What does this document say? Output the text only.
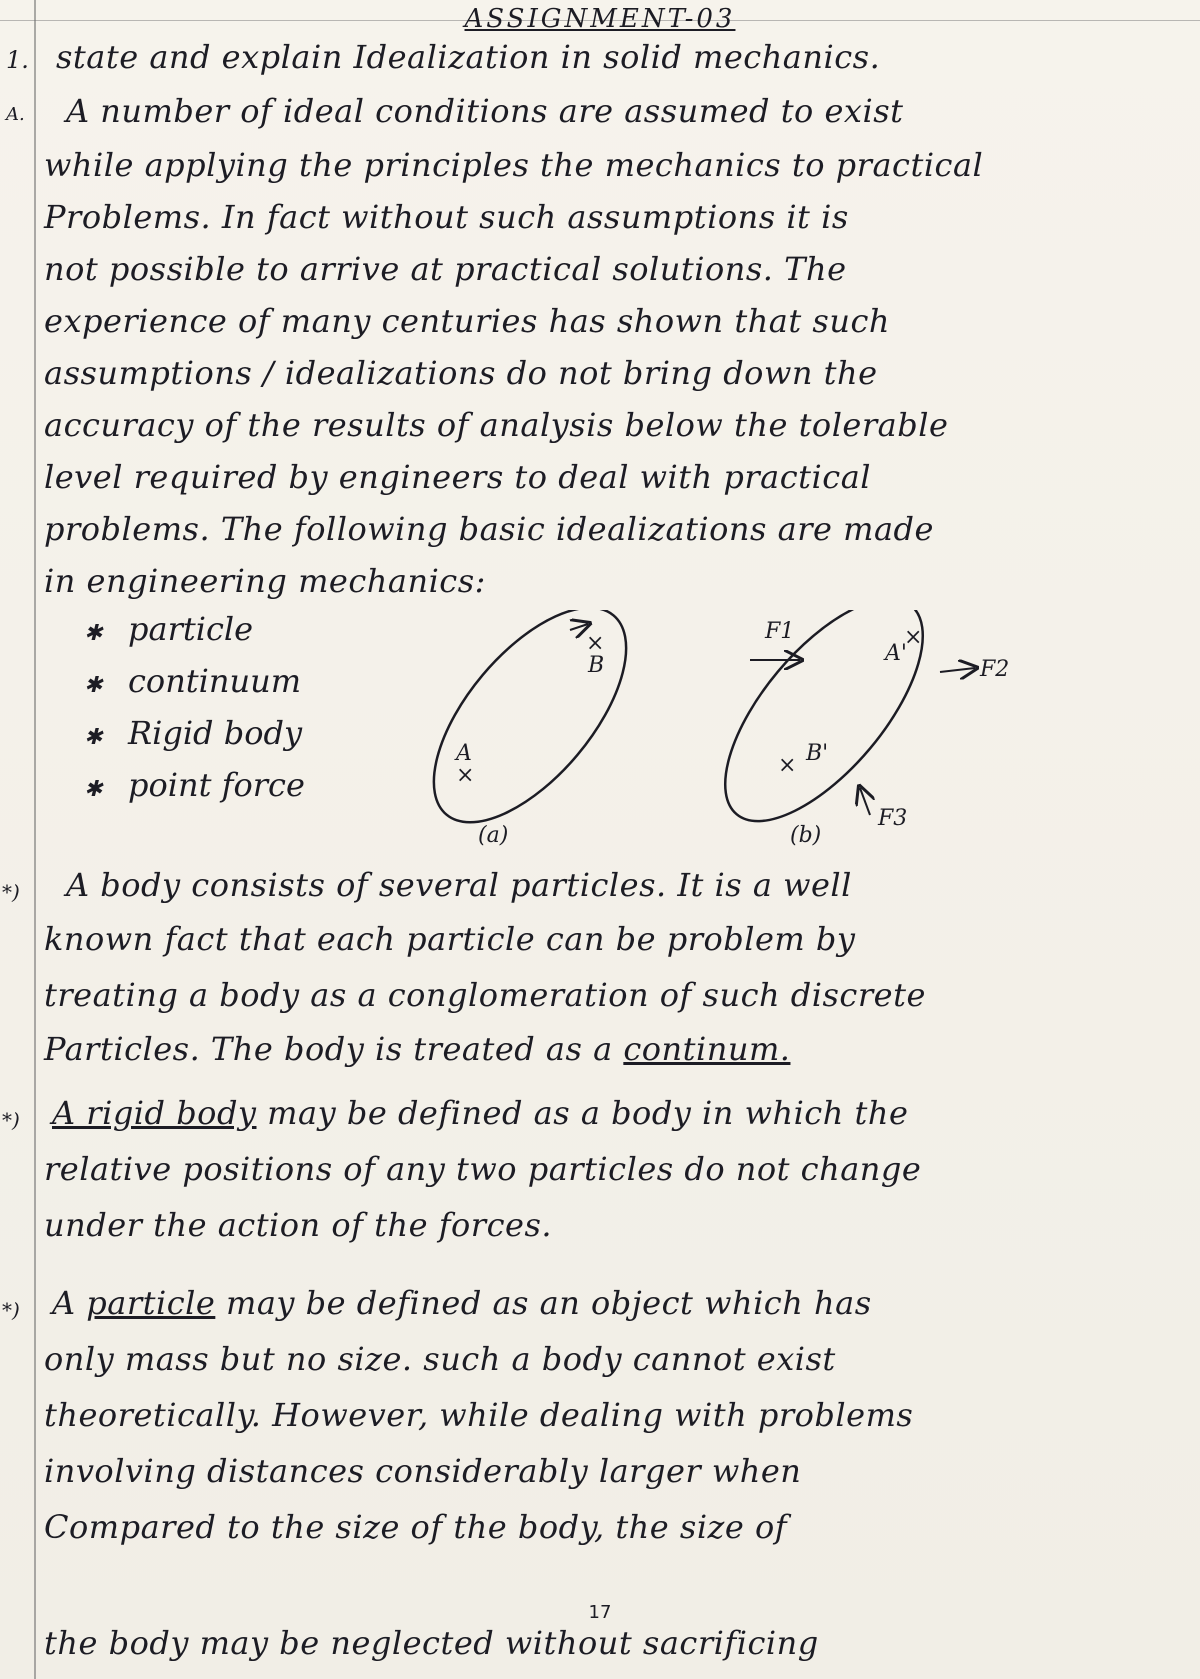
ASSIGNMENT-03
1. state and explain Idealization in solid mechanics.
A. A number of ideal conditions are assumed to exist
while applying the principles the mechanics to practical
Problems. In fact without such assumptions it is
not possible to arrive at practical solutions. The
experience of many centuries has shown that such
assumptions / idealizations do not bring down the
accuracy of the results of analysis below the tolerable
level required by engineers to deal with practical
problems. The following basic idealizations are made
in engineering mechanics:
✱ particle
✱ continuum
✱ Rigid body
✱ point force
B
×
A
×
(a)
F1
F2
F3
A'
×
B'
×
(b)
*) A body consists of several particles. It is a well
known fact that each particle can be problem by
treating a body as a conglomeration of such discrete
Particles. The body is treated as a continum.
*) A rigid body may be defined as a body in which the
relative positions of any two particles do not change
under the action of the forces.
*) A particle may be defined as an object which has
only mass but no size. such a body cannot exist
theoretically. However, while dealing with problems
involving distances considerably larger when
Compared to the size of the body, the size of
the body may be neglected without sacrificing
17
